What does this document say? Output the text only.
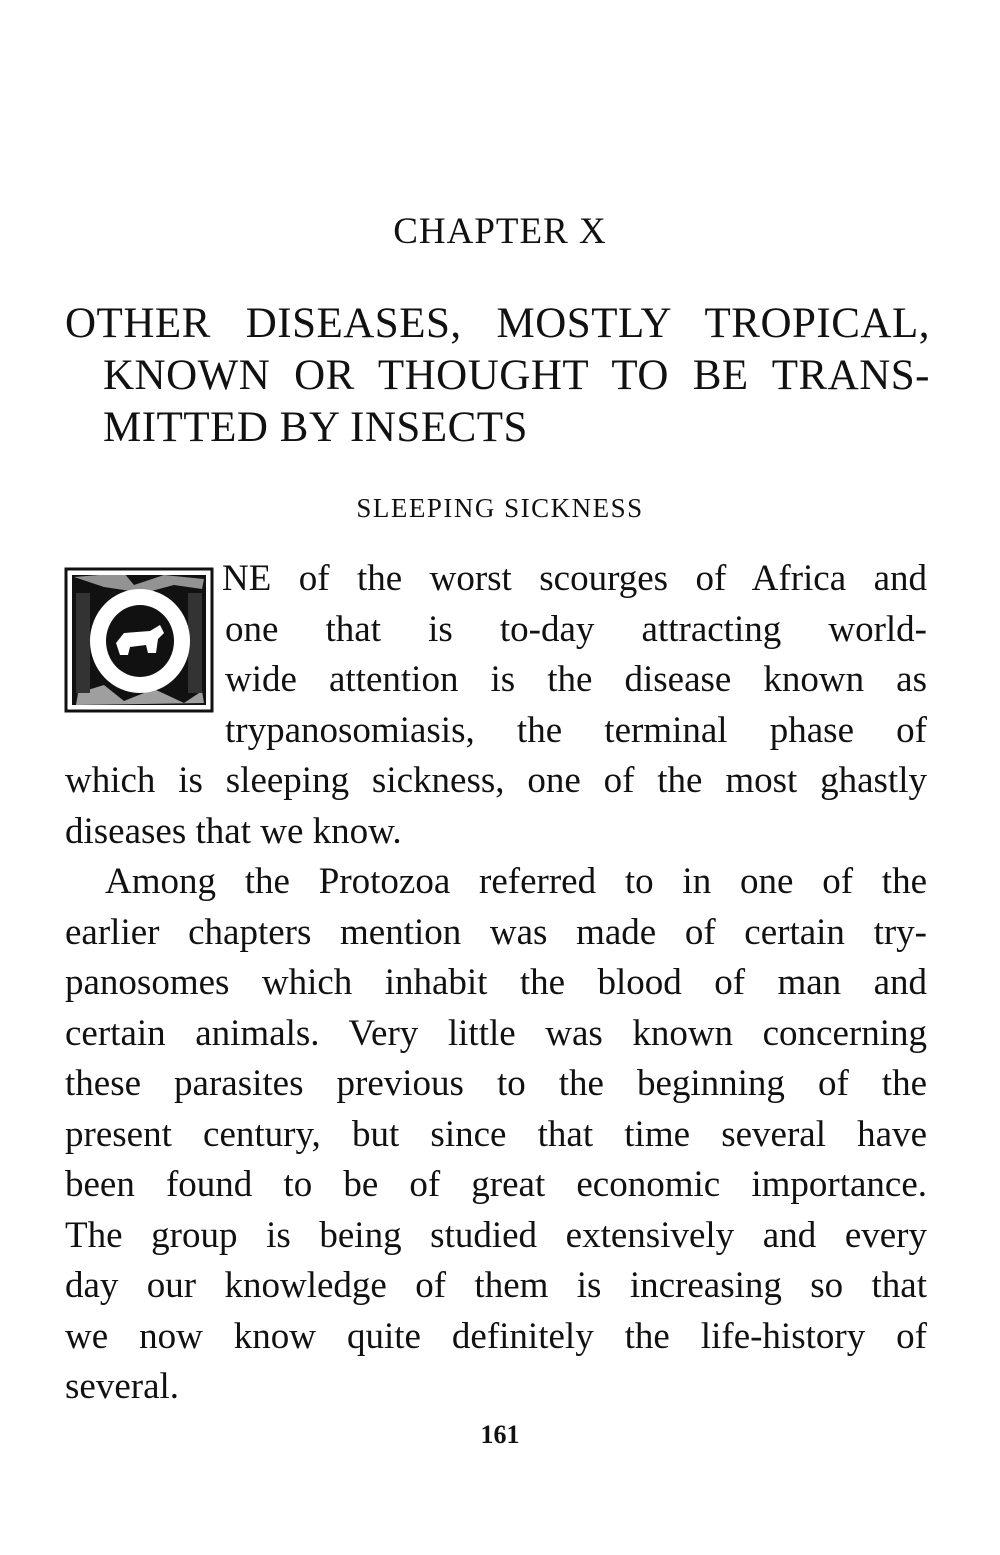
CHAPTER X
OTHER DISEASES, MOSTLY TROPICAL,
KNOWN OR THOUGHT TO BE TRANS-
MITTED BY INSECTS
SLEEPING SICKNESS
NE of the worst scourges of Africa and
one that is to-day attracting world-
wide attention is the disease known as
trypanosomiasis, the terminal phase of
which is sleeping sickness, one of the most ghastly
diseases that we know.
Among the Protozoa referred to in one of the
earlier chapters mention was made of certain try-
panosomes which inhabit the blood of man and
certain animals. Very little was known concerning
these parasites previous to the beginning of the
present century, but since that time several have
been found to be of great economic importance.
The group is being studied extensively and every
day our knowledge of them is increasing so that
we now know quite definitely the life-history of
several.
161
